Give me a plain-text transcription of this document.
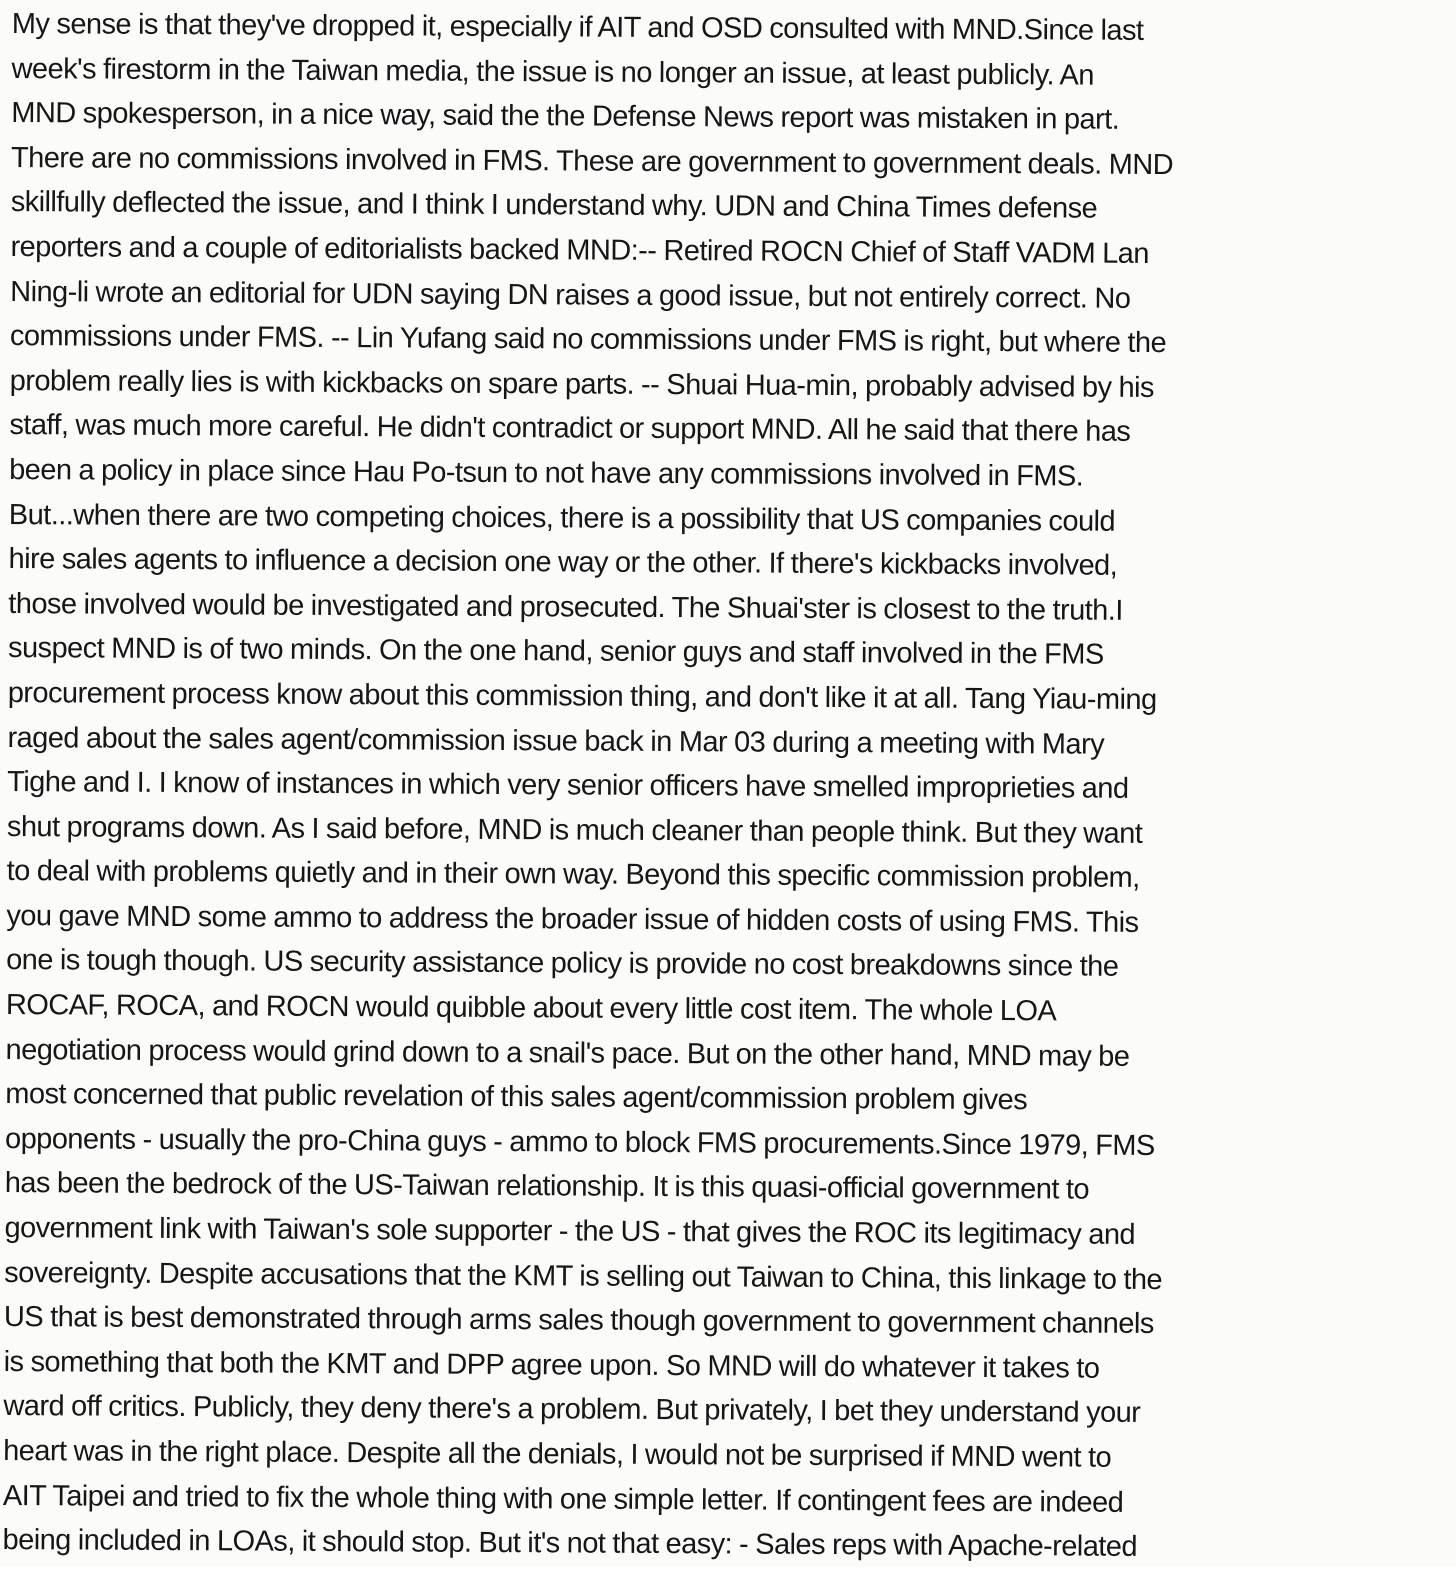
My sense is that they've dropped it, especially if AIT and OSD consulted with MND.Since last
week's firestorm in the Taiwan media, the issue is no longer an issue, at least publicly. An
MND spokesperson, in a nice way, said the the Defense News report was mistaken in part.
There are no commissions involved in FMS. These are government to government deals. MND
skillfully deflected the issue, and I think I understand why. UDN and China Times defense
reporters and a couple of editorialists backed MND:-- Retired ROCN Chief of Staff VADM Lan
Ning-li wrote an editorial for UDN saying DN raises a good issue, but not entirely correct. No
commissions under FMS. -- Lin Yufang said no commissions under FMS is right, but where the
problem really lies is with kickbacks on spare parts. -- Shuai Hua-min, probably advised by his
staff, was much more careful. He didn't contradict or support MND. All he said that there has
been a policy in place since Hau Po-tsun to not have any commissions involved in FMS.
But...when there are two competing choices, there is a possibility that US companies could
hire sales agents to influence a decision one way or the other. If there's kickbacks involved,
those involved would be investigated and prosecuted. The Shuai'ster is closest to the truth.I
suspect MND is of two minds. On the one hand, senior guys and staff involved in the FMS
procurement process know about this commission thing, and don't like it at all. Tang Yiau-ming
raged about the sales agent/commission issue back in Mar 03 during a meeting with Mary
Tighe and I. I know of instances in which very senior officers have smelled improprieties and
shut programs down. As I said before, MND is much cleaner than people think. But they want
to deal with problems quietly and in their own way. Beyond this specific commission problem,
you gave MND some ammo to address the broader issue of hidden costs of using FMS. This
one is tough though. US security assistance policy is provide no cost breakdowns since the
ROCAF, ROCA, and ROCN would quibble about every little cost item. The whole LOA
negotiation process would grind down to a snail's pace. But on the other hand, MND may be
most concerned that public revelation of this sales agent/commission problem gives
opponents - usually the pro-China guys - ammo to block FMS procurements.Since 1979, FMS
has been the bedrock of the US-Taiwan relationship. It is this quasi-official government to
government link with Taiwan's sole supporter - the US - that gives the ROC its legitimacy and
sovereignty. Despite accusations that the KMT is selling out Taiwan to China, this linkage to the
US that is best demonstrated through arms sales though government to government channels
is something that both the KMT and DPP agree upon. So MND will do whatever it takes to
ward off critics. Publicly, they deny there's a problem. But privately, I bet they understand your
heart was in the right place. Despite all the denials, I would not be surprised if MND went to
AIT Taipei and tried to fix the whole thing with one simple letter. If contingent fees are indeed
being included in LOAs, it should stop. But it's not that easy: - Sales reps with Apache-related
